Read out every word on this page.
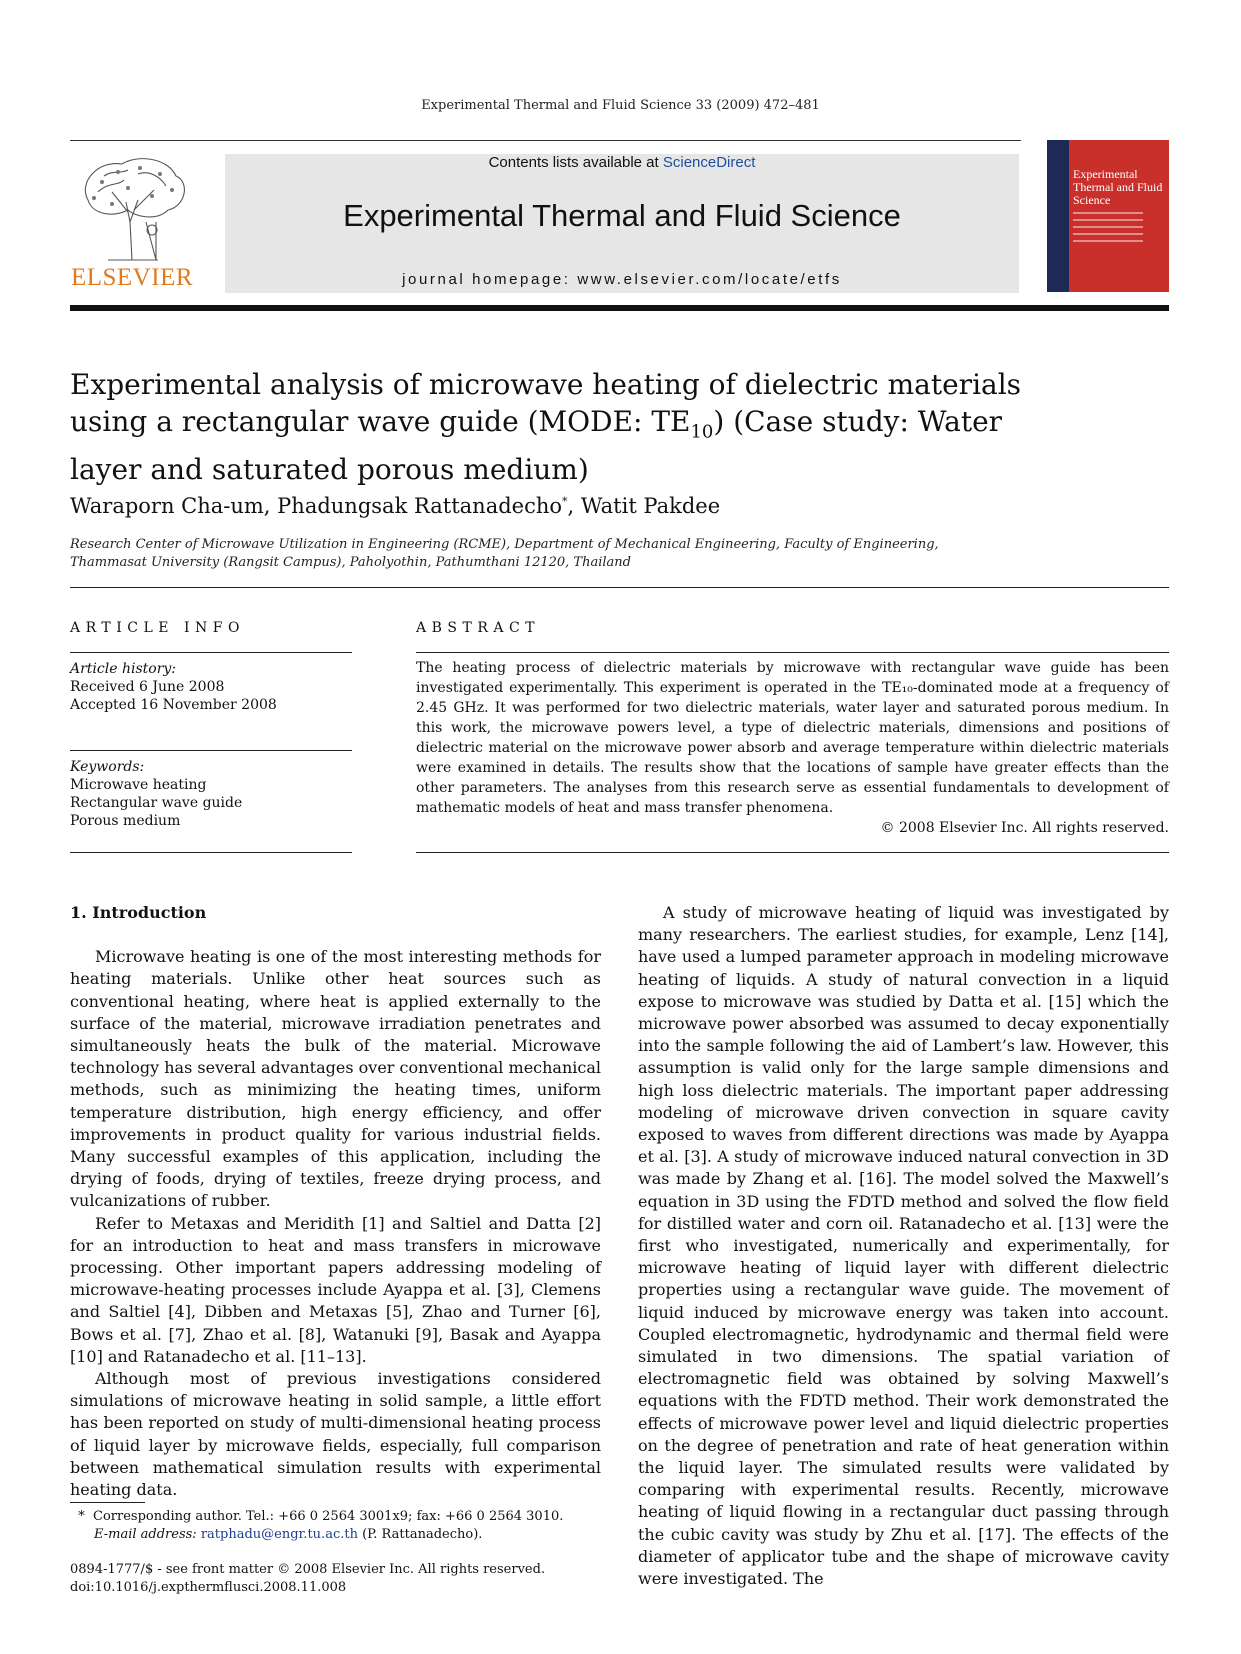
Experimental Thermal and Fluid Science 33 (2009) 472–481
ELSEVIER
Contents lists available at ScienceDirect
Experimental Thermal and Fluid Science
journal homepage: www.elsevier.com/locate/etfs
Experimental Thermal and Fluid Science
Experimental analysis of microwave heating of dielectric materials using a rectangular wave guide (MODE: $TE_{10}$) (Case study: Water layer and saturated porous medium)
Waraporn Cha-um, Phadungsak Rattanadecho*, Watit Pakdee
Research Center of Microwave Utilization in Engineering (RCME), Department of Mechanical Engineering, Faculty of Engineering,
Thammasat University (Rangsit Campus), Paholyothin, Pathumthani 12120, Thailand
ARTICLE INFO
Article history:
Received 6 June 2008
Accepted 16 November 2008
Keywords:
Microwave heating
Rectangular wave guide
Porous medium
ABSTRACT
The heating process of dielectric materials by microwave with rectangular wave guide has been investigated experimentally. This experiment is operated in the TE₁₀-dominated mode at a frequency of 2.45 GHz. It was performed for two dielectric materials, water layer and saturated porous medium. In this work, the microwave powers level, a type of dielectric materials, dimensions and positions of dielectric material on the microwave power absorb and average temperature within dielectric materials were examined in details. The results show that the locations of sample have greater effects than the other parameters. The analyses from this research serve as essential fundamentals to development of mathematic models of heat and mass transfer phenomena.
© 2008 Elsevier Inc. All rights reserved.
1. Introduction

Microwave heating is one of the most interesting methods for heating materials. Unlike other heat sources such as conventional heating, where heat is applied externally to the surface of the material, microwave irradiation penetrates and simultaneously heats the bulk of the material. Microwave technology has several advantages over conventional mechanical methods, such as minimizing the heating times, uniform temperature distribution, high energy efficiency, and offer improvements in product quality for various industrial fields. Many successful examples of this application, including the drying of foods, drying of textiles, freeze drying process, and vulcanizations of rubber.

Refer to Metaxas and Meridith [1] and Saltiel and Datta [2] for an introduction to heat and mass transfers in microwave processing. Other important papers addressing modeling of microwave-heating processes include Ayappa et al. [3], Clemens and Saltiel [4], Dibben and Metaxas [5], Zhao and Turner [6], Bows et al. [7], Zhao et al. [8], Watanuki [9], Basak and Ayappa [10] and Ratanadecho et al. [11–13].

Although most of previous investigations considered simulations of microwave heating in solid sample, a little effort has been reported on study of multi-dimensional heating process of liquid layer by microwave fields, especially, full comparison between mathematical simulation results with experimental heating data.

A study of microwave heating of liquid was investigated by many researchers. The earliest studies, for example, Lenz [14], have used a lumped parameter approach in modeling microwave heating of liquids. A study of natural convection in a liquid expose to microwave was studied by Datta et al. [15] which the microwave power absorbed was assumed to decay exponentially into the sample following the aid of Lambert’s law. However, this assumption is valid only for the large sample dimensions and high loss dielectric materials. The important paper addressing modeling of microwave driven convection in square cavity exposed to waves from different directions was made by Ayappa et al. [3]. A study of microwave induced natural convection in 3D was made by Zhang et al. [16]. The model solved the Maxwell’s equation in 3D using the FDTD method and solved the flow field for distilled water and corn oil. Ratanadecho et al. [13] were the first who investigated, numerically and experimentally, for microwave heating of liquid layer with different dielectric properties using a rectangular wave guide. The movement of liquid induced by microwave energy was taken into account. Coupled electromagnetic, hydrodynamic and thermal field were simulated in two dimensions. The spatial variation of electromagnetic field was obtained by solving Maxwell’s equations with the FDTD method. Their work demonstrated the effects of microwave power level and liquid dielectric properties on the degree of penetration and rate of heat generation within the liquid layer. The simulated results were validated by comparing with experimental results. Recently, microwave heating of liquid flowing in a rectangular duct passing through the cubic cavity was study by Zhu et al. [17]. The effects of the diameter of applicator tube and the shape of microwave cavity were investigated. The

* Corresponding author. Tel.: +66 0 2564 3001x9; fax: +66 0 2564 3010.
E-mail address: ratphadu@engr.tu.ac.th (P. Rattanadecho).
0894-1777/$ - see front matter © 2008 Elsevier Inc. All rights reserved.
doi:10.1016/j.expthermflusci.2008.11.008
